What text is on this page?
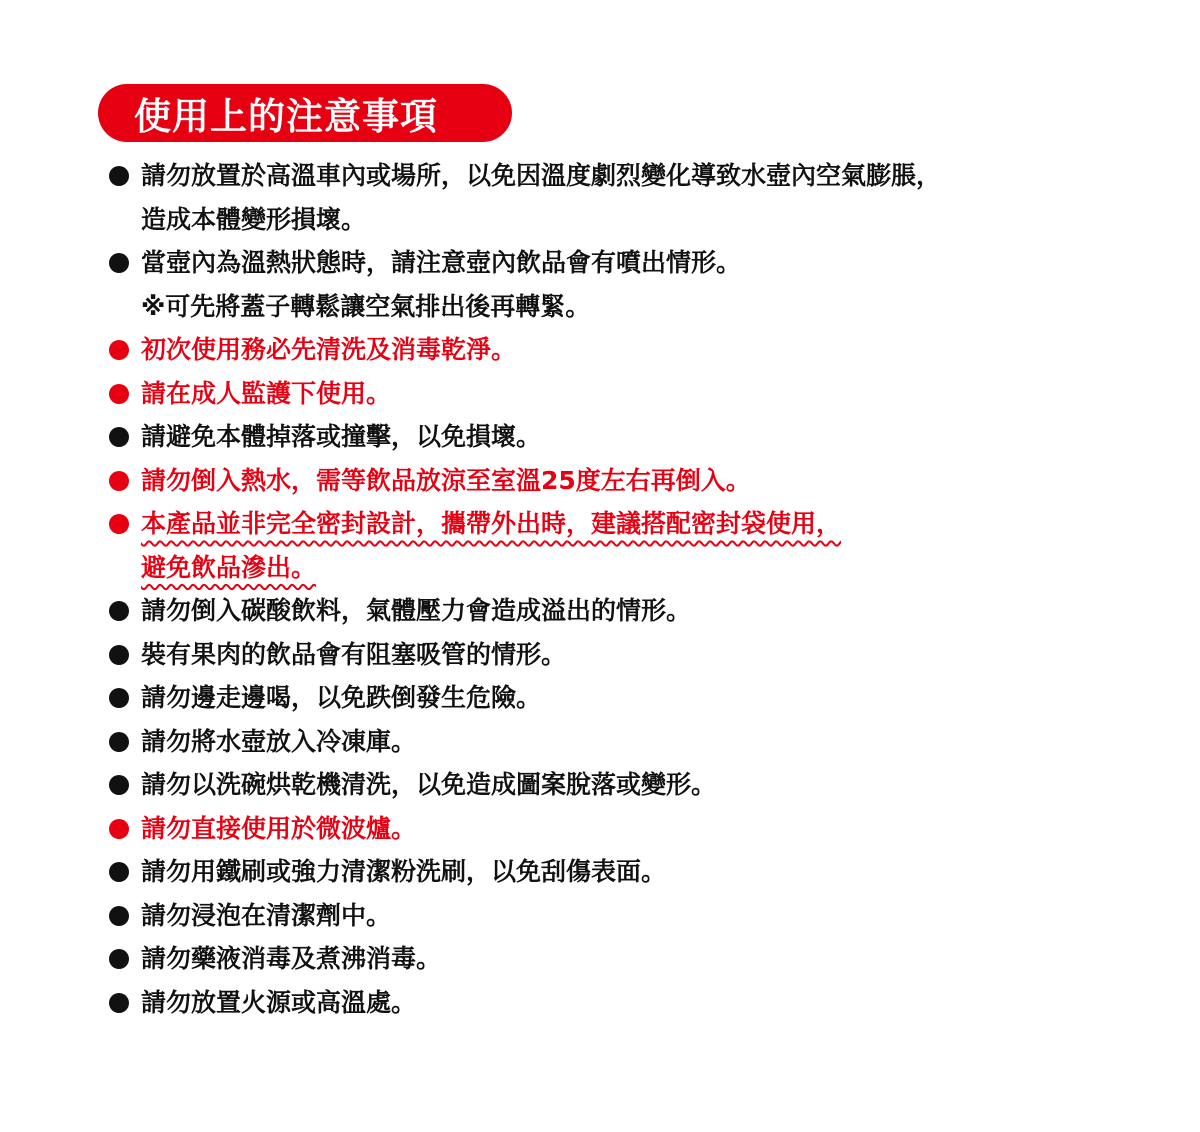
使用上的注意事項
請勿放置於高溫車內或場所，以免因溫度劇烈變化導致水壺內空氣膨脹，
造成本體變形損壞。
當壺內為溫熱狀態時，請注意壺內飲品會有噴出情形。
※可先將蓋子轉鬆讓空氣排出後再轉緊。
初次使用務必先清洗及消毒乾淨。
請在成人監護下使用。
請避免本體掉落或撞擊，以免損壞。
請勿倒入熱水，需等飲品放涼至室溫25度左右再倒入。
本產品並非完全密封設計，攜帶外出時，建議搭配密封袋使用，
避免飲品滲出。
請勿倒入碳酸飲料，氣體壓力會造成溢出的情形。
裝有果肉的飲品會有阻塞吸管的情形。
請勿邊走邊喝，以免跌倒發生危險。
請勿將水壺放入冷凍庫。
請勿以洗碗烘乾機清洗，以免造成圖案脫落或變形。
請勿直接使用於微波爐。
請勿用鐵刷或強力清潔粉洗刷，以免刮傷表面。
請勿浸泡在清潔劑中。
請勿藥液消毒及煮沸消毒。
請勿放置火源或高溫處。
